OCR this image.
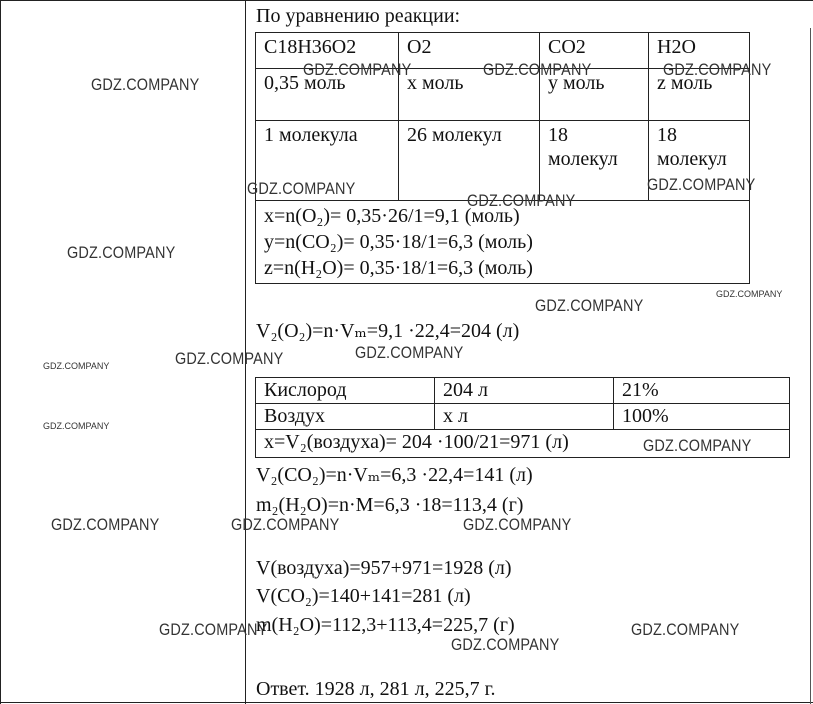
По уравнению реакции:
C18H36O2	O2	CO2	H2O
0,35 моль	x моль	y моль	z моль
1 молекула	26 молекул	18 молекул	18 молекул

x=n(O₂)= 0,35·26/1=9,1 (моль)
y=n(CO₂)= 0,35·18/1=6,3 (моль)
z=n(H₂O)= 0,35·18/1=6,3 (моль)			
V₂(O₂)=n·Vₘ=9,1 ·22,4=204 (л)
Кислород	204 л	21%
Воздух	x л	100%
x=V₂(воздуха)= 204 ·100/21=971 (л)		
V₂(CO₂)=n·Vₘ=6,3 ·22,4=141 (л)
m₂(H₂O)=n·M=6,3 ·18=113,4 (г)
V(воздуха)=957+971=1928 (л)
V(CO₂)=140+141=281 (л)
m(H₂O)=112,3+113,4=225,7 (г)
Ответ. 1928 л, 281 л, 225,7 г.
GDZ.COMPANY
GDZ.COMPANY	GDZ.COMPANY	GDZ.COMPANY
GDZ.COMPANY	GDZ.COMPANY
GDZ.COMPANY
GDZ.COMPANY
GDZ.COMPANY
GDZ.COMPANY
GDZ.COMPANY
GDZ.COMPANY
GDZ.COMPANY
GDZ.COMPANY
GDZ.COMPANY
GDZ.COMPANY	GDZ.COMPANY	GDZ.COMPANY
GDZ.COMPANY	GDZ.COMPANY
GDZ.COMPANY
